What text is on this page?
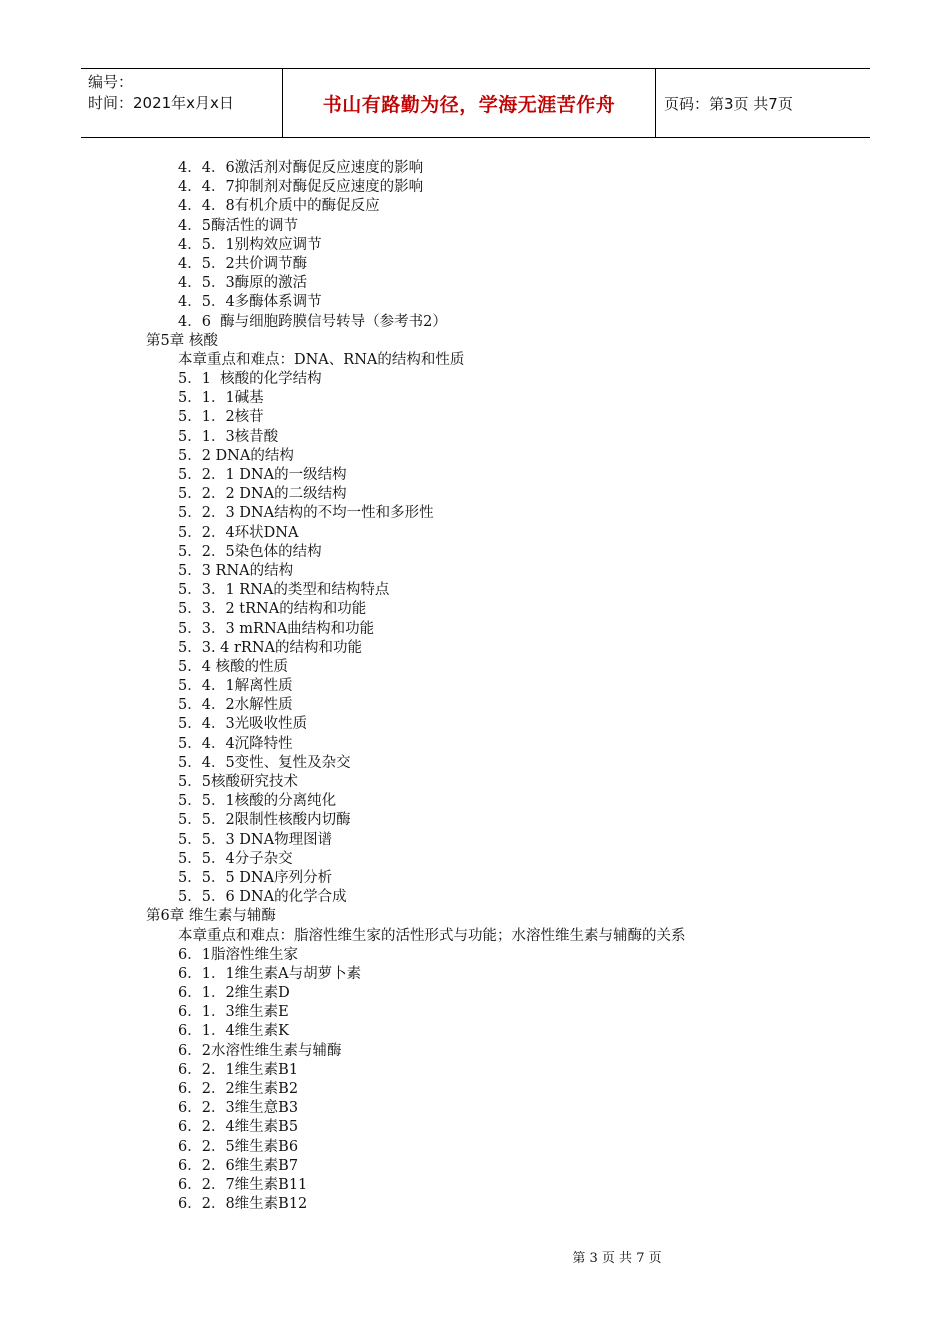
编号：
时间：2021年x月x日	书山有路勤为径，学海无涯苦作舟	页码：第3页 共7页
4．4．6激活剂对酶促反应速度的影响
4．4．7抑制剂对酶促反应速度的影响
4．4．8有机介质中的酶促反应
4．5酶活性的调节
4．5．1别构效应调节
4．5．2共价调节酶
4．5．3酶原的激活
4．5．4多酶体系调节
4．6  酶与细胞跨膜信号转导（参考书2）
第5章 核酸
本章重点和难点：DNA、RNA的结构和性质
5．1  核酸的化学结构
5．1．1碱基
5．1．2核苷
5．1．3核昔酸
5．2 DNA的结构
5．2．1 DNA的一级结构
5．2．2 DNA的二级结构
5．2．3 DNA结构的不均一性和多形性
5．2．4环状DNA
5．2．5染色体的结构
5．3 RNA的结构
5．3．1 RNA的类型和结构特点
5．3．2 tRNA的结构和功能
5．3．3 mRNA曲结构和功能
5．3. 4 rRNA的结构和功能
5．4 核酸的性质
5．4．1解离性质
5．4．2水解性质
5．4．3光吸收性质
5．4．4沉降特性
5．4．5变性、复性及杂交
5．5核酸研究技术
5．5．1核酸的分离纯化
5．5．2限制性核酸内切酶
5．5．3 DNA物理图谱
5．5．4分子杂交
5．5．5 DNA序列分析
5．5．6 DNA的化学合成
第6章 维生素与辅酶
本章重点和难点：脂溶性维生家的活性形式与功能；水溶性维生素与辅酶的关系
6．1脂溶性维生家
6．1．1维生素A与胡萝卜素
6．1．2维生素D
6．1．3维生素E
6．1．4维生素K
6．2水溶性维生素与辅酶
6．2．1维生素B1
6．2．2维生素B2
6．2．3维生意B3
6．2．4维生素B5
6．2．5维生素B6
6．2．6维生素B7
6．2．7维生素B11
6．2．8维生素B12
第 3 页 共 7 页
